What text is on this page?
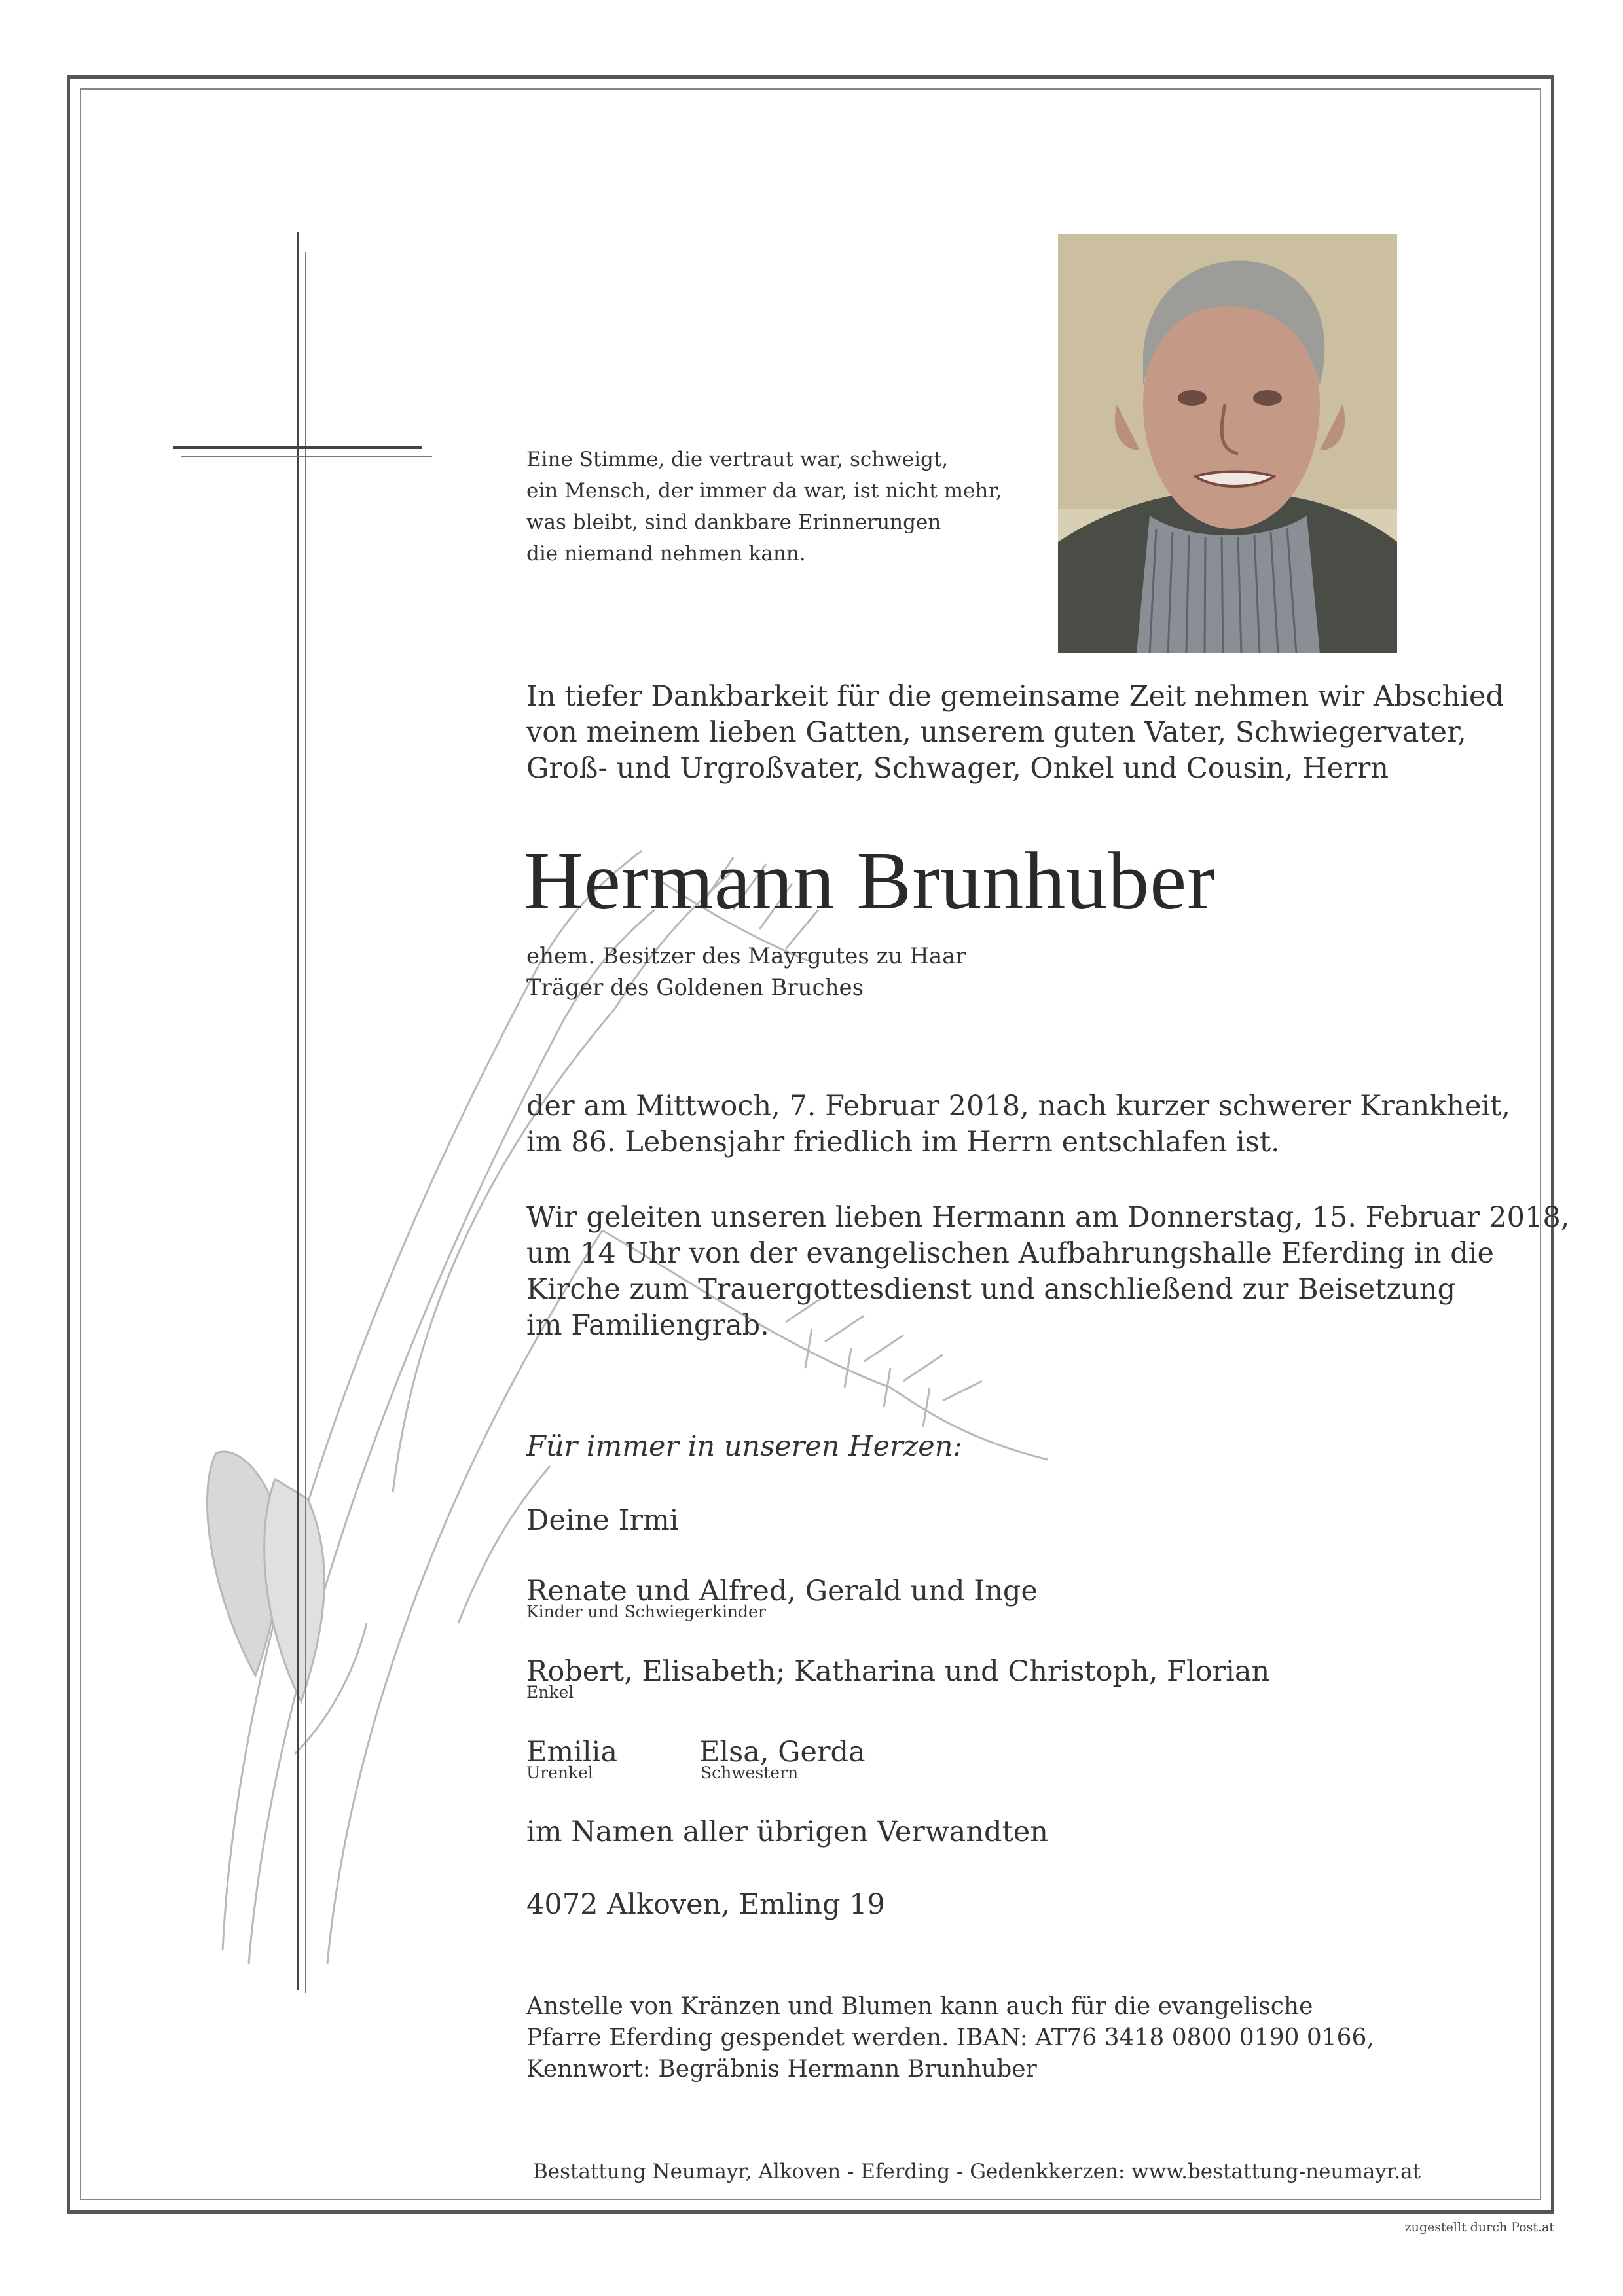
Eine Stimme, die vertraut war, schweigt,
ein Mensch, der immer da war, ist nicht mehr,
was bleibt, sind dankbare Erinnerungen
die niemand nehmen kann.
In tiefer Dankbarkeit für die gemeinsame Zeit nehmen wir Abschied
von meinem lieben Gatten, unserem guten Vater, Schwiegervater,
Groß- und Urgroßvater, Schwager, Onkel und Cousin, Herrn
Hermann Brunhuber
ehem. Besitzer des Mayrgutes zu Haar
Träger des Goldenen Bruches
der am Mittwoch, 7. Februar 2018, nach kurzer schwerer Krankheit,
im 86. Lebensjahr friedlich im Herrn entschlafen ist.
Wir geleiten unseren lieben Hermann am Donnerstag, 15. Februar 2018,
um 14 Uhr von der evangelischen Aufbahrungshalle Eferding in die
Kirche zum Trauergottesdienst und anschließend zur Beisetzung
im Familiengrab.
Für immer in unseren Herzen:
Deine Irmi
Renate und Alfred, Gerald und Inge
Kinder und Schwiegerkinder
Robert, Elisabeth; Katharina und Christoph, Florian
Enkel
Emilia
Urenkel
Elsa, Gerda
Schwestern
im Namen aller übrigen Verwandten
4072 Alkoven, Emling 19
Anstelle von Kränzen und Blumen kann auch für die evangelische
Pfarre Eferding gespendet werden. IBAN: AT76 3418 0800 0190 0166,
Kennwort: Begräbnis Hermann Brunhuber
Bestattung Neumayr, Alkoven - Eferding - Gedenkkerzen: www.bestattung-neumayr.at
zugestellt durch Post.at
